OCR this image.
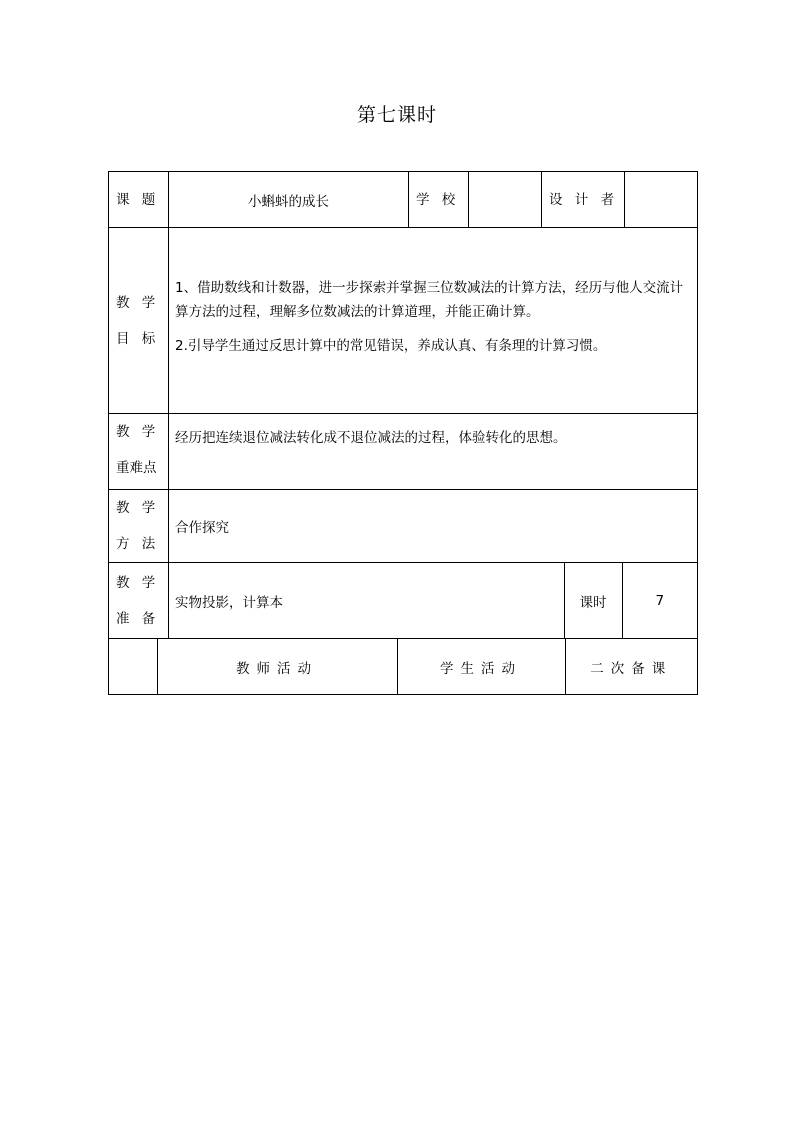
第七课时
课 题	小蝌蚪的成长	学 校		设 计 者	

教 学
目 标

1、借助数线和计数器，进一步探索并掌握三位数减法的计算方法，经历与他人交流计算方法的过程，理解多位数减法的计算道理，并能正确计算。

2.引导学生通过反思计算中的常见错误，养成认真、有条理的计算习惯。

教 学
重难点
	经历把连续退位减法转化成不退位减法的过程，体验转化的思想。

教 学
方 法
	合作探究

教 学
准 备

实物投影，计算本	课时	7

	教师活动	学生活动	二次备课
